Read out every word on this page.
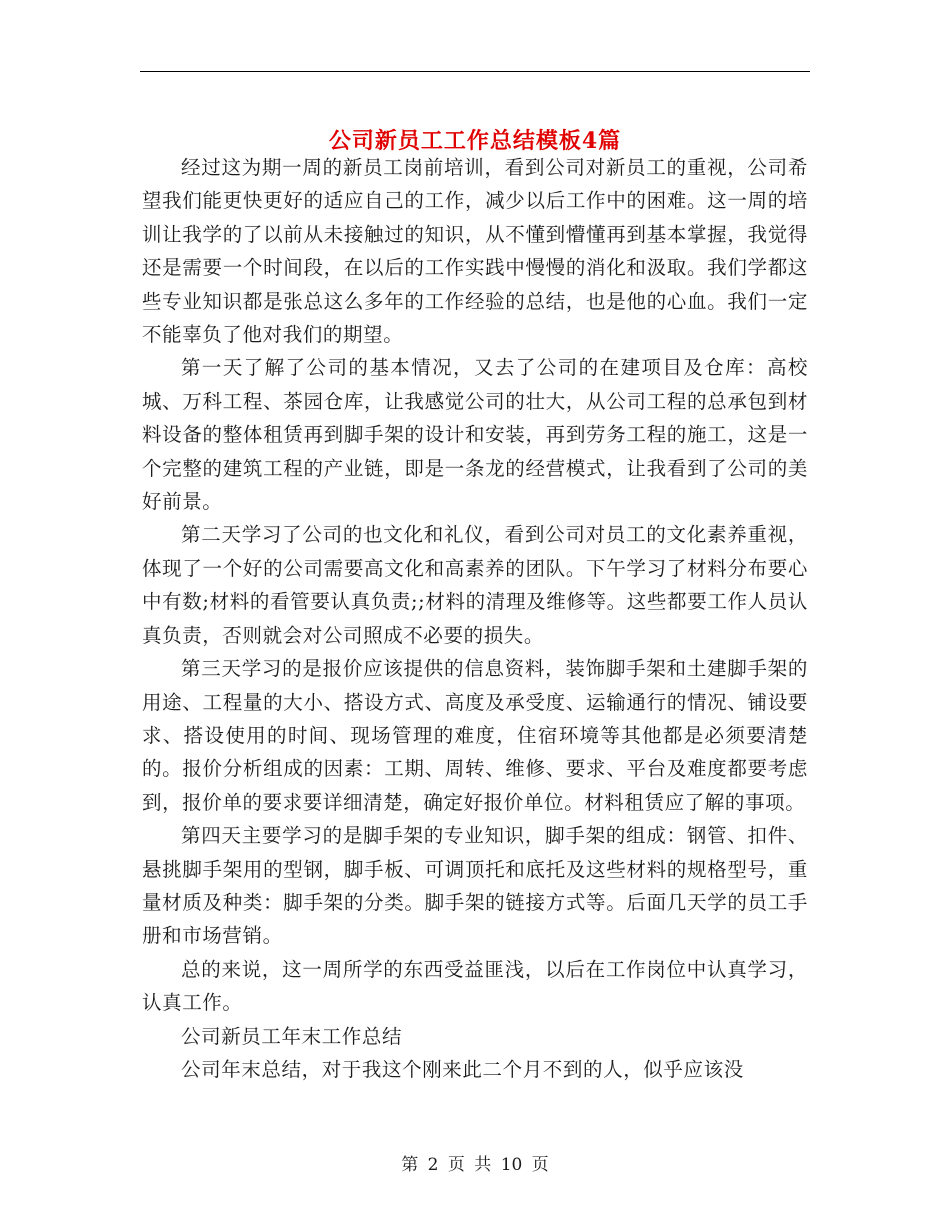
公司新员工工作总结模板4篇

经过这为期一周的新员工岗前培训，看到公司对新员工的重视，公司希望我们能更快更好的适应自己的工作，减少以后工作中的困难。这一周的培训让我学的了以前从未接触过的知识，从不懂到懵懂再到基本掌握，我觉得还是需要一个时间段，在以后的工作实践中慢慢的消化和汲取。我们学都这些专业知识都是张总这么多年的工作经验的总结，也是他的心血。我们一定不能辜负了他对我们的期望。

第一天了解了公司的基本情况，又去了公司的在建项目及仓库：高校城、万科工程、茶园仓库，让我感觉公司的壮大，从公司工程的总承包到材料设备的整体租赁再到脚手架的设计和安装，再到劳务工程的施工，这是一个完整的建筑工程的产业链，即是一条龙的经营模式，让我看到了公司的美好前景。

第二天学习了公司的也文化和礼仪，看到公司对员工的文化素养重视，体现了一个好的公司需要高文化和高素养的团队。下午学习了材料分布要心中有数;材料的看管要认真负责;;材料的清理及维修等。这些都要工作人员认真负责，否则就会对公司照成不必要的损失。

第三天学习的是报价应该提供的信息资料，装饰脚手架和土建脚手架的用途、工程量的大小、搭设方式、高度及承受度、运输通行的情况、铺设要求、搭设使用的时间、现场管理的难度，住宿环境等其他都是必须要清楚的。报价分析组成的因素：工期、周转、维修、要求、平台及难度都要考虑到，报价单的要求要详细清楚，确定好报价单位。材料租赁应了解的事项。

第四天主要学习的是脚手架的专业知识，脚手架的组成：钢管、扣件、悬挑脚手架用的型钢，脚手板、可调顶托和底托及这些材料的规格型号，重量材质及种类：脚手架的分类。脚手架的链接方式等。后面几天学的员工手册和市场营销。

总的来说，这一周所学的东西受益匪浅，以后在工作岗位中认真学习，认真工作。

公司新员工年末工作总结

公司年末总结，对于我这个刚来此二个月不到的人，似乎应该没

第 2 页 共 10 页
